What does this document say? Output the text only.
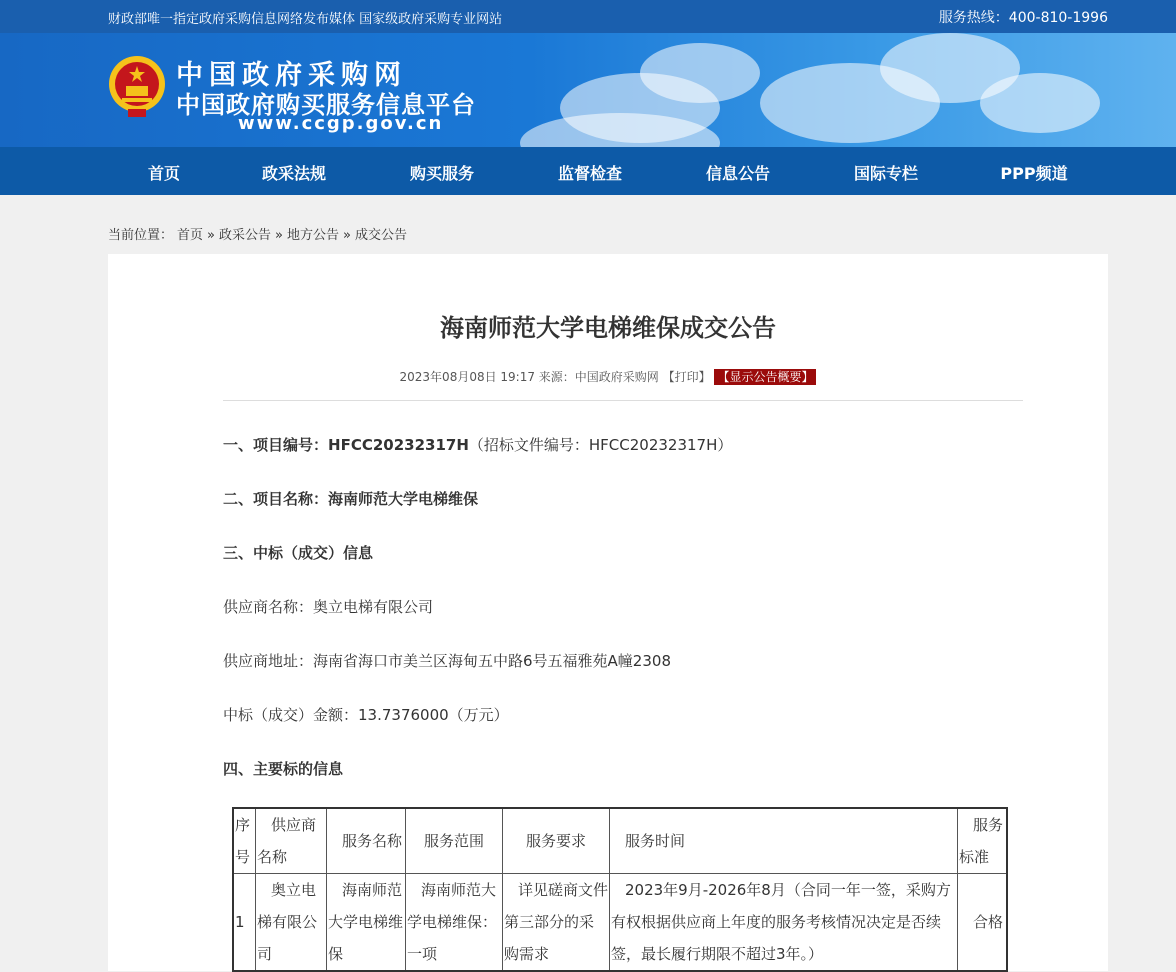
财政部唯一指定政府采购信息网络发布媒体 国家级政府采购专业网站	服务热线：400-810-1996
中国政府采购网
中国政府购买服务信息平台
www.ccgp.gov.cn
首页	政采法规	购买服务	监督检查	信息公告	国际专栏	PPP频道
当前位置： 首页 » 政采公告 » 地方公告 » 成交公告
海南师范大学电梯维保成交公告
2023年08月08日 19:17 来源：中国政府采购网 【打印】 【显示公告概要】
一、项目编号：HFCC20232317H（招标文件编号：HFCC20232317H）
二、项目名称：海南师范大学电梯维保
三、中标（成交）信息
供应商名称：奥立电梯有限公司
供应商地址：海南省海口市美兰区海甸五中路6号五福雅苑A幢2308
中标（成交）金额：13.7376000（万元）
四、主要标的信息
序号	供应商名称	服务名称	服务范围	服务要求	服务时间	服务标准
1	奥立电梯有限公司	海南师范大学电梯维保	海南师范大学电梯维保：一项	详见磋商文件第三部分的采购需求	2023年9月-2026年8月（合同一年一签，采购方有权根据供应商上年度的服务考核情况决定是否续签，最长履行期限不超过3年。）	合格
